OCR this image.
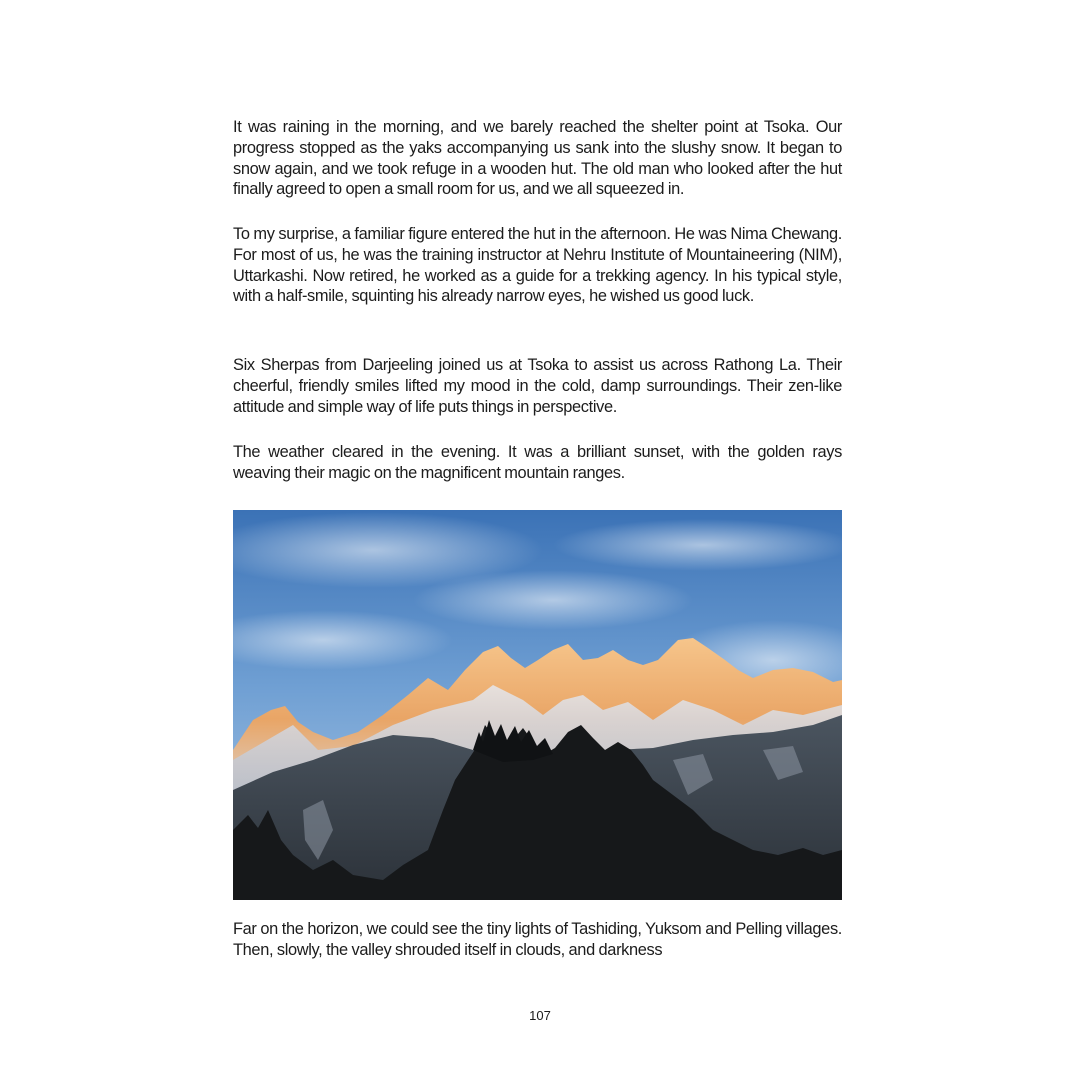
It was raining in the morning, and we barely reached the shelter point at Tsoka. Our progress stopped as the yaks accompanying us sank into the slushy snow. It began to snow again, and we took refuge in a wooden hut. The old man who looked after the hut finally agreed to open a small room for us, and we all squeezed in.

To my surprise, a familiar figure entered the hut in the afternoon. He was Nima Chewang. For most of us, he was the training instructor at Nehru Institute of Mountaineering (NIM), Uttarkashi. Now retired, he worked as a guide for a trekking agency. In his typical style, with a half-smile, squinting his already narrow eyes, he wished us good luck.

Six Sherpas from Darjeeling joined us at Tsoka to assist us across Rathong La. Their cheerful, friendly smiles lifted my mood in the cold, damp surroundings. Their zen-like attitude and simple way of life puts things in perspective.

The weather cleared in the evening. It was a brilliant sunset, with the golden rays weaving their magic on the magnificent mountain ranges.

Far on the horizon, we could see the tiny lights of Tashiding, Yuksom and Pelling villages. Then, slowly, the valley shrouded itself in clouds, and darkness

107
